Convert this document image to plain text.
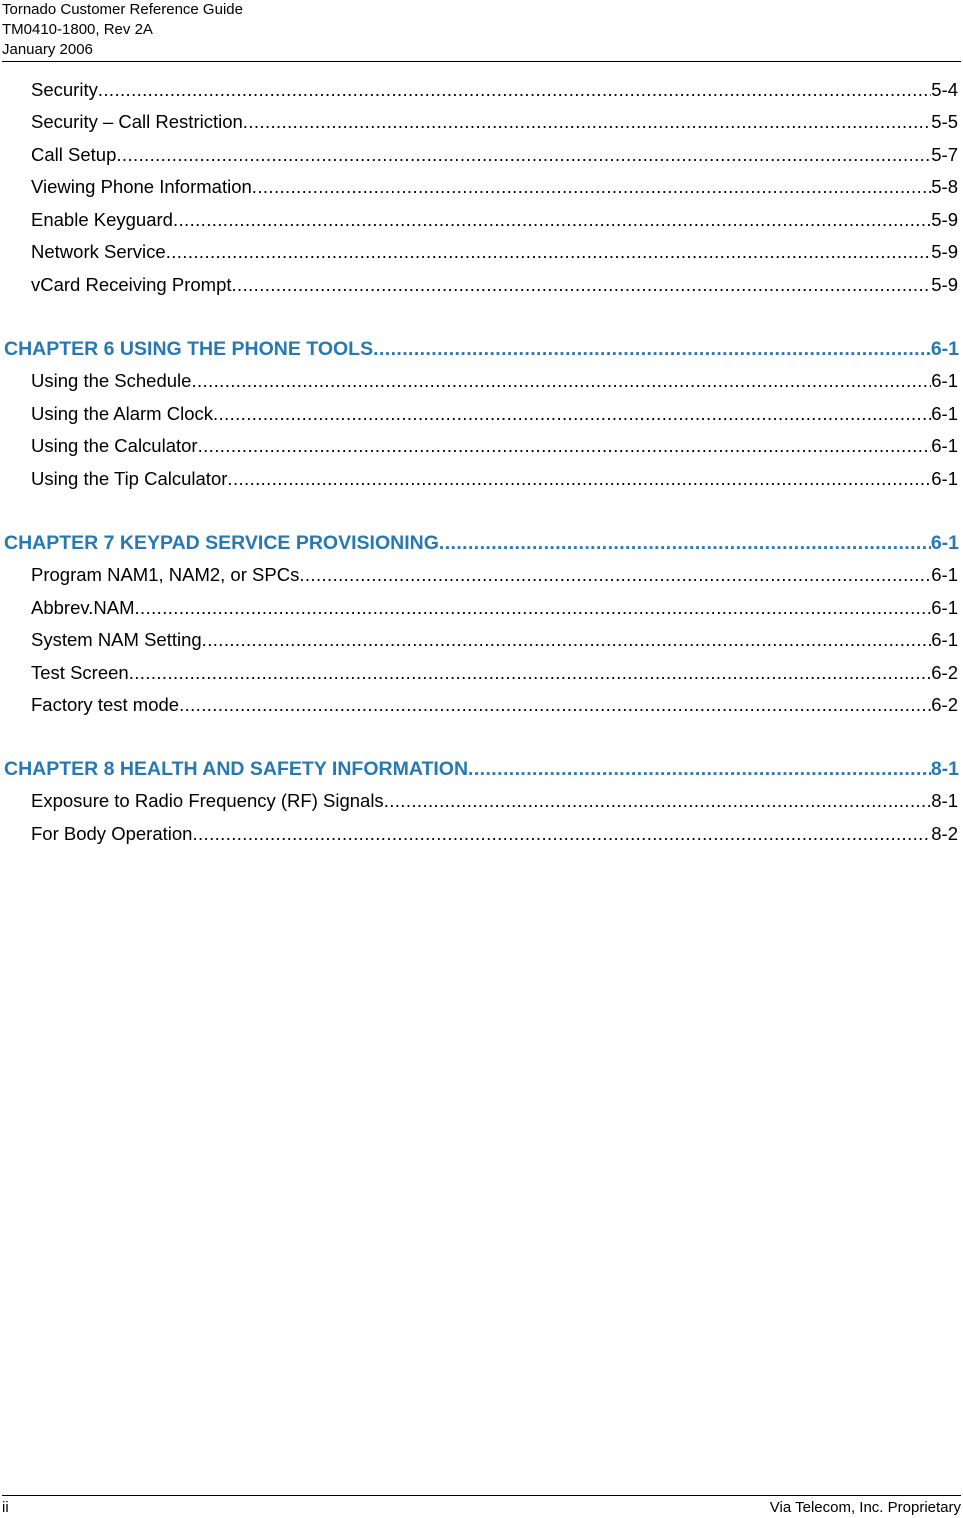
Tornado Customer Reference Guide
TM0410-1800, Rev 2A
January 2006
Security .....	5-4
Security – Call Restriction .....	5-5
Call Setup .....	5-7
Viewing Phone Information .....	5-8
Enable Keyguard .....	5-9
Network Service .....	5-9
vCard Receiving Prompt .....	5-9
CHAPTER 6 USING THE PHONE TOOLS .....	6-1
Using the Schedule .....	6-1
Using the Alarm Clock .....	6-1
Using the Calculator .....	6-1
Using the Tip Calculator .....	6-1
CHAPTER 7 KEYPAD SERVICE PROVISIONING .....	6-1
Program NAM1, NAM2, or SPCs .....	6-1
Abbrev.NAM .....	6-1
System NAM Setting .....	6-1
Test Screen .....	6-2
Factory test mode .....	6-2
CHAPTER 8 HEALTH AND SAFETY INFORMATION .....	8-1
Exposure to Radio Frequency (RF) Signals .....	8-1
For Body Operation .....	8-2
ii	Via Telecom, Inc. Proprietary
